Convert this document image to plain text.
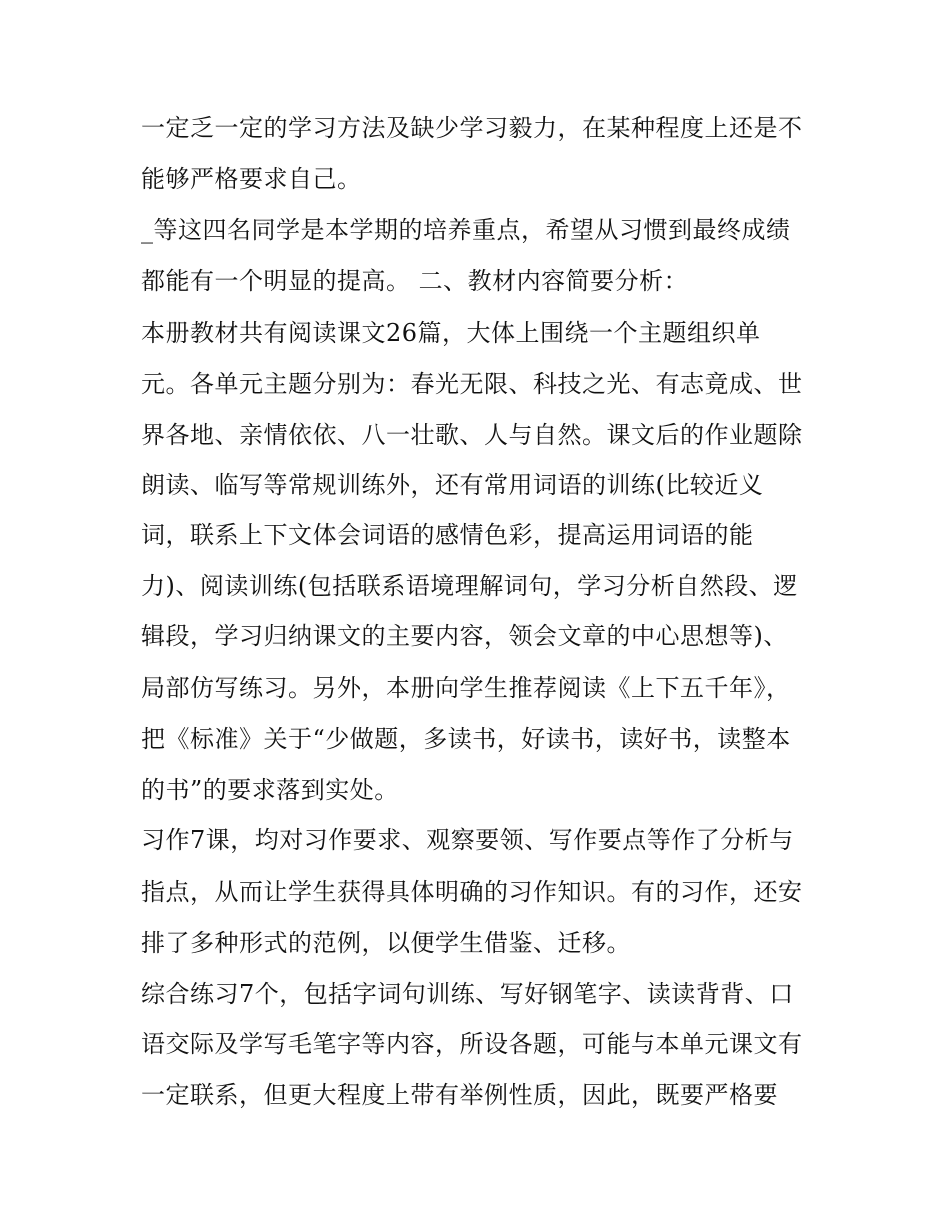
一定乏一定的学习方法及缺少学习毅力，在某种程度上还是不
能够严格要求自己。
_等这四名同学是本学期的培养重点，希望从习惯到最终成绩
都能有一个明显的提高。 二、教材内容简要分析：
本册教材共有阅读课文26篇，大体上围绕一个主题组织单
元。各单元主题分别为：春光无限、科技之光、有志竟成、世
界各地、亲情依依、八一壮歌、人与自然。课文后的作业题除
朗读、临写等常规训练外，还有常用词语的训练(比较近义
词，联系上下文体会词语的感情色彩，提高运用词语的能
力)、阅读训练(包括联系语境理解词句，学习分析自然段、逻
辑段，学习归纳课文的主要内容，领会文章的中心思想等)、
局部仿写练习。另外，本册向学生推荐阅读《上下五千年》，
把《标准》关于“少做题，多读书，好读书，读好书，读整本
的书”的要求落到实处。
习作7课，均对习作要求、观察要领、写作要点等作了分析与
指点，从而让学生获得具体明确的习作知识。有的习作，还安
排了多种形式的范例，以便学生借鉴、迁移。
综合练习7个，包括字词句训练、写好钢笔字、读读背背、口
语交际及学写毛笔字等内容，所设各题，可能与本单元课文有
一定联系，但更大程度上带有举例性质，因此，既要严格要
